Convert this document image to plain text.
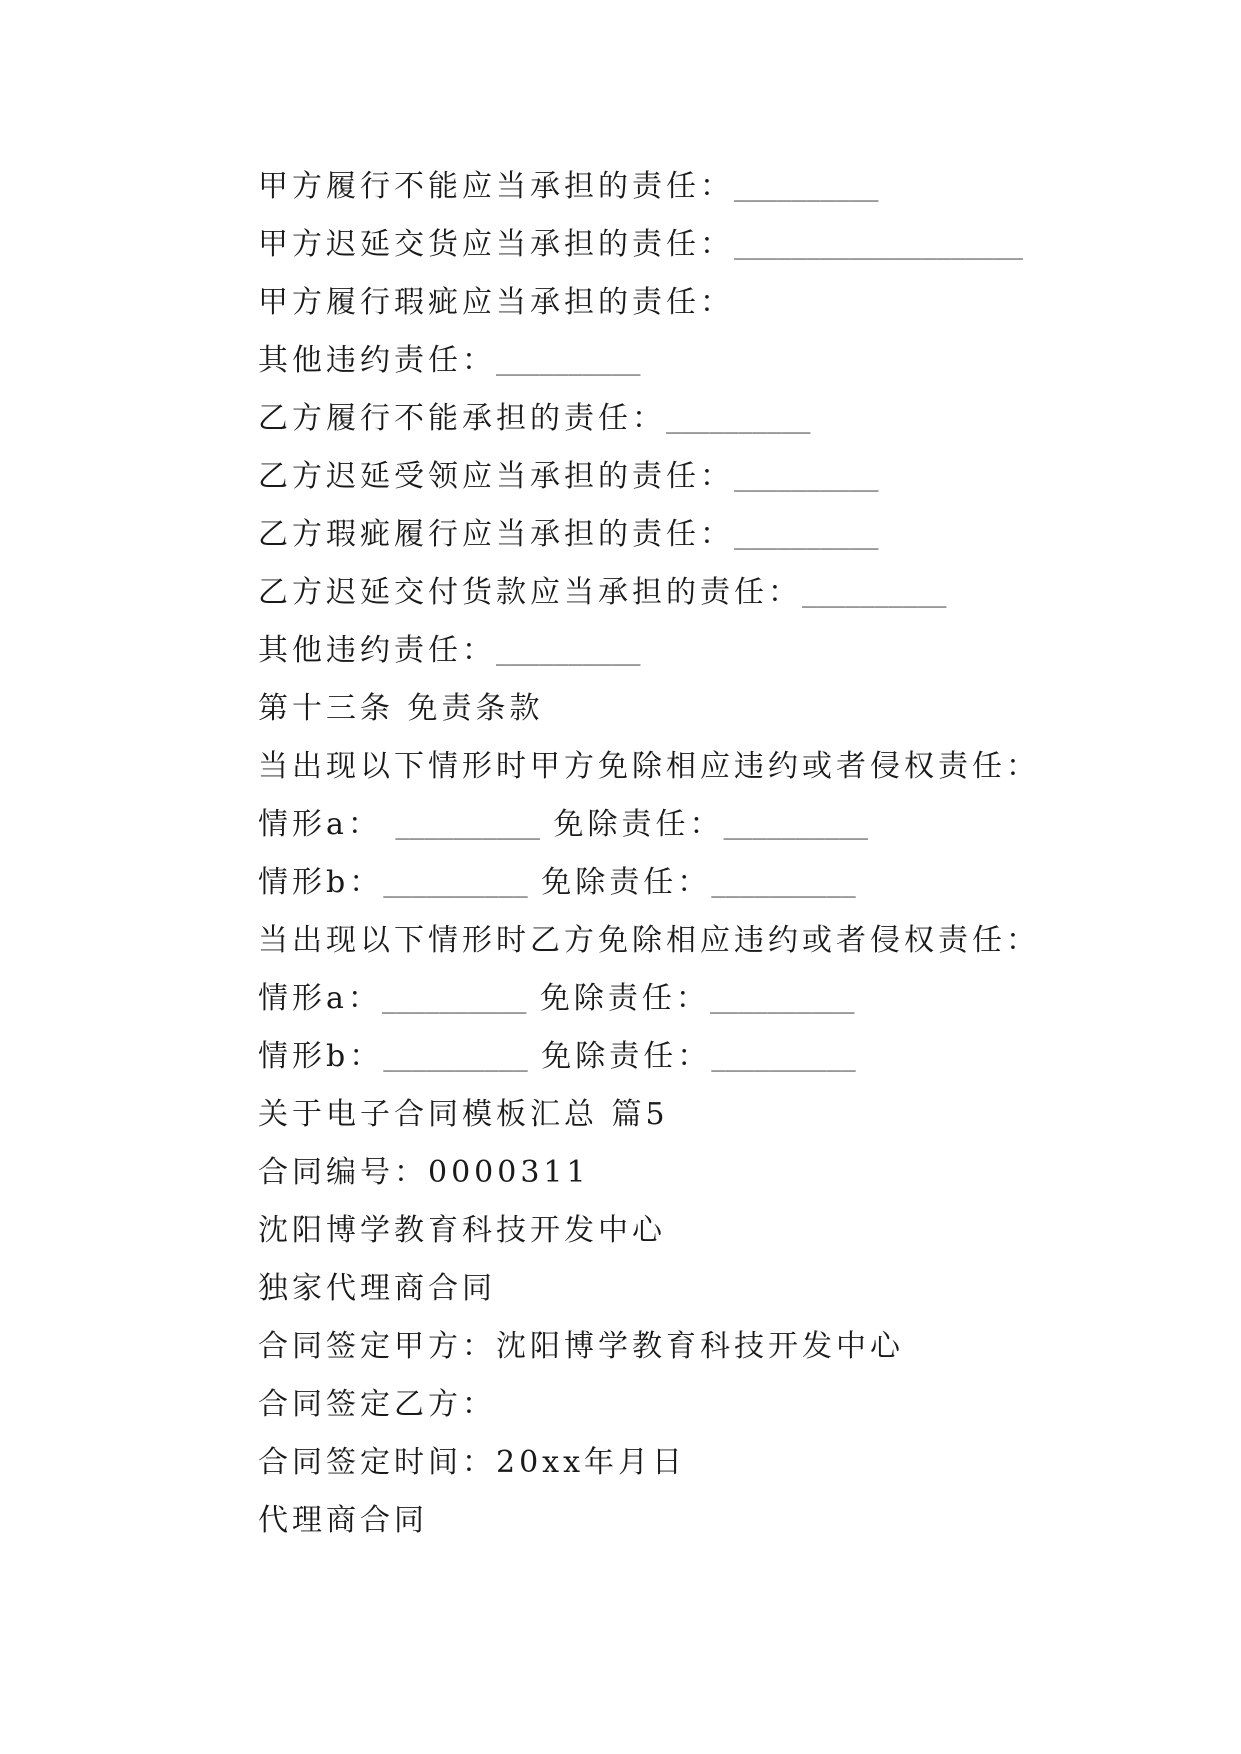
甲方履行不能应当承担的责任：__________
甲方迟延交货应当承担的责任：____________________
甲方履行瑕疵应当承担的责任：
其他违约责任：__________
乙方履行不能承担的责任：__________
乙方迟延受领应当承担的责任：__________
乙方瑕疵履行应当承担的责任：__________
乙方迟延交付货款应当承担的责任：__________
其他违约责任：__________
第十三条 免责条款
当出现以下情形时甲方免除相应违约或者侵权责任：
情形a： __________ 免除责任：__________
情形b：__________ 免除责任：__________
当出现以下情形时乙方免除相应违约或者侵权责任：
情形a：__________ 免除责任：__________
情形b：__________ 免除责任：__________
关于电子合同模板汇总 篇5
合同编号：0000311
沈阳博学教育科技开发中心
独家代理商合同
合同签定甲方：沈阳博学教育科技开发中心
合同签定乙方：
合同签定时间：20xx年月日
代理商合同
